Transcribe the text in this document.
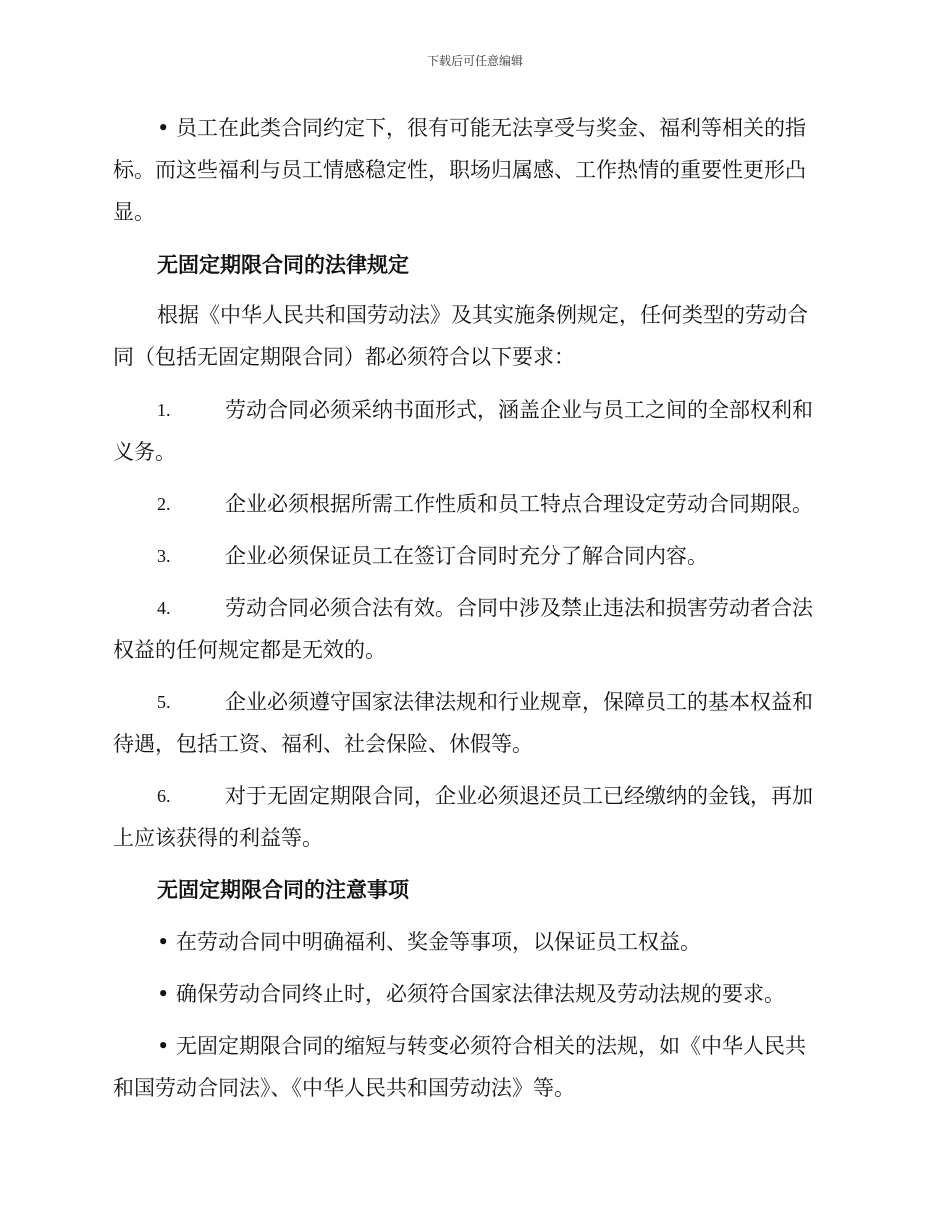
下载后可任意编辑
• 员工在此类合同约定下，很有可能无法享受与奖金、福利等相关的指
标。而这些福利与员工情感稳定性，职场归属感、工作热情的重要性更形凸
显。
无固定期限合同的法律规定
根据《中华人民共和国劳动法》及其实施条例规定，任何类型的劳动合
同（包括无固定期限合同）都必须符合以下要求：
1.	劳动合同必须采纳书面形式，涵盖企业与员工之间的全部权利和
义务。
2.	企业必须根据所需工作性质和员工特点合理设定劳动合同期限。
3.	企业必须保证员工在签订合同时充分了解合同内容。
4.	劳动合同必须合法有效。合同中涉及禁止违法和损害劳动者合法
权益的任何规定都是无效的。
5.	企业必须遵守国家法律法规和行业规章，保障员工的基本权益和
待遇，包括工资、福利、社会保险、休假等。
6.	对于无固定期限合同，企业必须退还员工已经缴纳的金钱，再加
上应该获得的利益等。
无固定期限合同的注意事项
• 在劳动合同中明确福利、奖金等事项，以保证员工权益。
• 确保劳动合同终止时，必须符合国家法律法规及劳动法规的要求。
• 无固定期限合同的缩短与转变必须符合相关的法规，如《中华人民共
和国劳动合同法》、《中华人民共和国劳动法》等。
